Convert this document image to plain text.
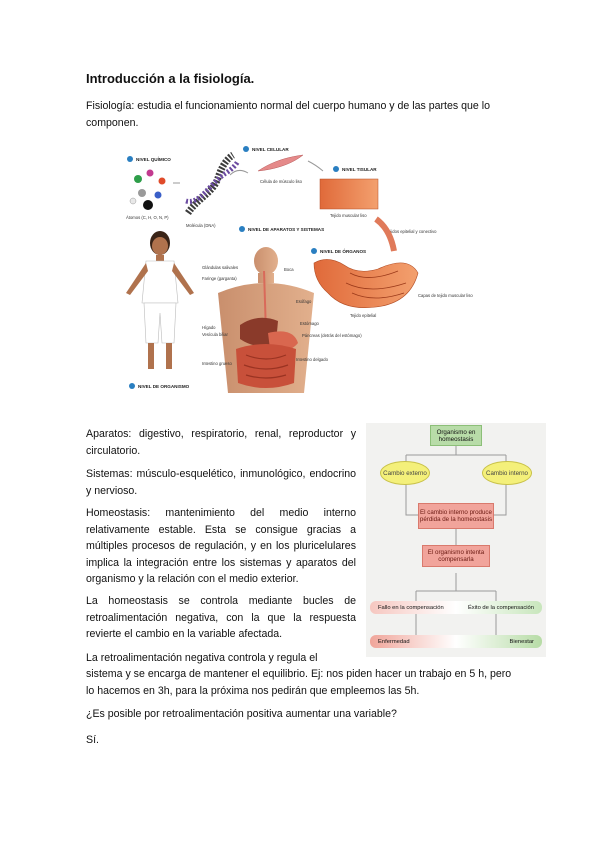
Introducción a la fisiología.
Fisiología: estudia el funcionamiento normal del cuerpo humano y de las partes que lo componen.
NIVEL QUÍMICO
Átomos (C, H, O, N, P)
Molécula (DNA)
NIVEL CELULAR
Célula de músculo liso
NIVEL TISULAR
Tejido muscular liso
Tejidos epitelial y conectivo
NIVEL DE APARATOS Y SISTEMAS
NIVEL DE ÓRGANOS
NIVEL DE ORGANISMO
Glándulas salivales
Faringe (garganta)
Boca
Esófago
Estómago
Hígado
Vesícula biliar	Páncreas (detrás del estómago)
Intestino grueso
Intestino delgado
Tejido epitelial
Capas de tejido muscular liso
Aparatos: digestivo, respiratorio, renal, reproductor y circulatorio.
Sistemas: músculo-esquelético, inmunológico, endocrino y nervioso.
Homeostasis: mantenimiento del medio interno relativamente estable. Esta se consigue gracias a múltiples procesos de regulación, y en los pluricelulares implica la integración entre los sistemas y aparatos del organismo y la relación con el medio exterior.
La homeostasis se controla mediante bucles de retroalimentación negativa, con la que la respuesta revierte el cambio en la variable afectada.
La retroalimentación negativa controla y regula el
sistema y se encarga de mantener el equilibrio. Ej: nos piden hacer un trabajo en 5 h, pero lo hacemos en 3h, para la próxima nos pedirán que empleemos las 5h.
¿Es posible por retroalimentación positiva aumentar una variable?
Sí.
Organismo en homeostasis
Cambio externo	Cambio interno
El cambio interno produce pérdida de la homeostasis
El organismo intenta compensarla
Fallo en la compensación	Éxito de la compensación
Enfermedad	Bienestar
